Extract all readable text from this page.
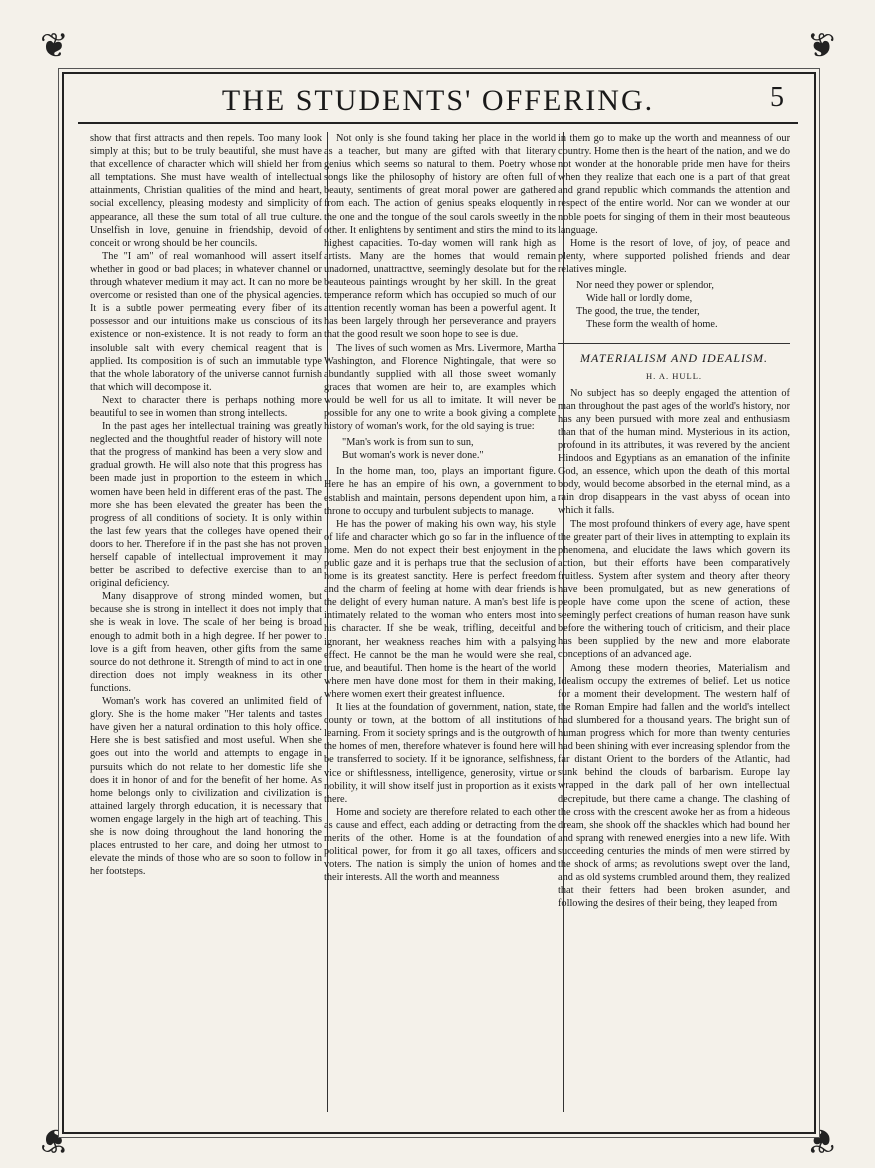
❦	❦
❦	❦
THE STUDENTS' OFFERING.	5

show that first attracts and then repels. Too many look simply at this; but to be truly beautiful, she must have that excellence of character which will shield her from all temptations. She must have wealth of intellectual attainments, Christian qualities of the mind and heart, social excellency, pleasing modesty and simplicity of appearance, all these the sum total of all true culture. Unselfish in love, genuine in friendship, devoid of conceit or wrong should be her councils.

The "I am" of real womanhood will assert itself whether in good or bad places; in whatever channel or through whatever medium it may act. It can no more be overcome or resisted than one of the physical agencies. It is a subtle power permeating every fiber of its possessor and our intuitions make us conscious of its existence or non-existence. It is not ready to form an insoluble salt with every chemical reagent that is applied. Its composition is of such an immutable type that the whole laboratory of the universe cannot furnish that which will decompose it.

Next to character there is perhaps nothing more beautiful to see in women than strong intellects.

In the past ages her intellectual training was greatly neglected and the thoughtful reader of history will note that the progress of mankind has been a very slow and gradual growth. He will also note that this progress has been made just in proportion to the esteem in which women have been held in different eras of the past. The more she has been elevated the greater has been the progress of all conditions of society. It is only within the last few years that the colleges have opened their doors to her. Therefore if in the past she has not proven herself capable of intellectual improvement it may better be ascribed to defective exercise than to an original deficiency.

Many disapprove of strong minded women, but because she is strong in intellect it does not imply that she is weak in love. The scale of her being is broad enough to admit both in a high degree. If her power to love is a gift from heaven, other gifts from the same source do not dethrone it. Strength of mind to act in one direction does not imply weakness in its other functions.

Woman's work has covered an unlimited field of glory. She is the home maker "Her talents and tastes have given her a natural ordination to this holy office. Here she is best satisfied and most useful. When she goes out into the world and attempts to engage in pursuits which do not relate to her domestic life she does it in honor of and for the benefit of her home. As home belongs only to civilization and civilization is attained largely throrgh education, it is necessary that women engage largely in the high art of teaching. This she is now doing throughout the land honoring the places entrusted to her care, and doing her utmost to elevate the minds of those who are so soon to follow in her footsteps.

Not only is she found taking her place in the world as a teacher, but many are gifted with that literary genius which seems so natural to them. Poetry whose songs like the philosophy of history are often full of beauty, sentiments of great moral power are gathered from each. The action of genius speaks eloquently in the one and the tongue of the soul carols sweetly in the other. It enlightens by sentiment and stirs the mind to its highest capacities. To-day women will rank high as artists. Many are the homes that would remain unadorned, unattracttve, seemingly desolate but for the beauteous paintings wrought by her skill. In the great temperance reform which has occupied so much of our attention recently woman has been a powerful agent. It has been largely through her perseverance and prayers that the good result we soon hope to see is due.

The lives of such women as Mrs. Livermore, Martha Washington, and Florence Nightingale, that were so abundantly supplied with all those sweet womanly graces that women are heir to, are examples which would be well for us all to imitate. It will never be possible for any one to write a book giving a complete history of woman's work, for the old saying is true:

"Man's work is from sun to sun,
But woman's work is never done."

In the home man, too, plays an important figure. Here he has an empire of his own, a government to establish and maintain, persons dependent upon him, a throne to occupy and turbulent subjects to manage.

He has the power of making his own way, his style of life and character which go so far in the influence of home. Men do not expect their best enjoyment in the public gaze and it is perhaps true that the seclusion of home is its greatest sanctity. Here is perfect freedom and the charm of feeling at home with dear friends is the delight of every human nature. A man's best life is intimately related to the woman who enters most into his character. If she be weak, trifling, deceitful and ignorant, her weakness reaches him with a palsying effect. He cannot be the man he would were she real, true, and beautiful. Then home is the heart of the world where men have done most for them in their making, where women exert their greatest influence.

It lies at the foundation of government, nation, state, county or town, at the bottom of all institutions of learning. From it society springs and is the outgrowth of the homes of men, therefore whatever is found here will be transferred to society. If it be ignorance, selfishness, vice or shiftlessness, intelligence, generosity, virtue or nobility, it will show itself just in proportion as it exists there.

Home and society are therefore related to each other as cause and effect, each adding or detracting from the merits of the other. Home is at the foundation of political power, for from it go all taxes, officers and voters. The nation is simply the union of homes and their interests. All the worth and meanness

in them go to make up the worth and meanness of our country. Home then is the heart of the nation, and we do not wonder at the honorable pride men have for theirs when they realize that each one is a part of that great and grand republic which commands the attention and respect of the entire world. Nor can we wonder at our noble poets for singing of them in their most beauteous language.

Home is the resort of love, of joy, of peace and plenty, where supported polished friends and dear relatives mingle.

Nor need they power or splendor,
Wide hall or lordly dome,
The good, the true, the tender,
These form the wealth of home.
MATERIALISM AND IDEALISM.
H. A. HULL.

No subject has so deeply engaged the attention of man throughout the past ages of the world's history, nor has any been pursued with more zeal and enthusiasm than that of the human mind. Mysterious in its action, profound in its attributes, it was revered by the ancient Hindoos and Egyptians as an emanation of the infinite God, an essence, which upon the death of this mortal body, would become absorbed in the eternal mind, as a rain drop disappears in the vast abyss of ocean into which it falls.

The most profound thinkers of every age, have spent the greater part of their lives in attempting to explain its phenomena, and elucidate the laws which govern its action, but their efforts have been comparatively fruitless. System after system and theory after theory have been promulgated, but as new generations of people have come upon the scene of action, these seemingly perfect creations of human reason have sunk before the withering touch of criticism, and their place has been supplied by the new and more elaborate conceptions of an advanced age.

Among these modern theories, Materialism and Idealism occupy the extremes of belief. Let us notice for a moment their development. The western half of the Roman Empire had fallen and the world's intellect had slumbered for a thousand years. The bright sun of human progress which for more than twenty centuries had been shining with ever increasing splendor from the far distant Orient to the borders of the Atlantic, had sunk behind the clouds of barbarism. Europe lay wrapped in the dark pall of her own intellectual decrepitude, but there came a change. The clashing of the cross with the crescent awoke her as from a hideous dream, she shook off the shackles which had bound her and sprang with renewed energies into a new life. With succeeding centuries the minds of men were stirred by the shock of arms; as revolutions swept over the land, and as old systems crumbled around them, they realized that their fetters had been broken asunder, and following the desires of their being, they leaped from
